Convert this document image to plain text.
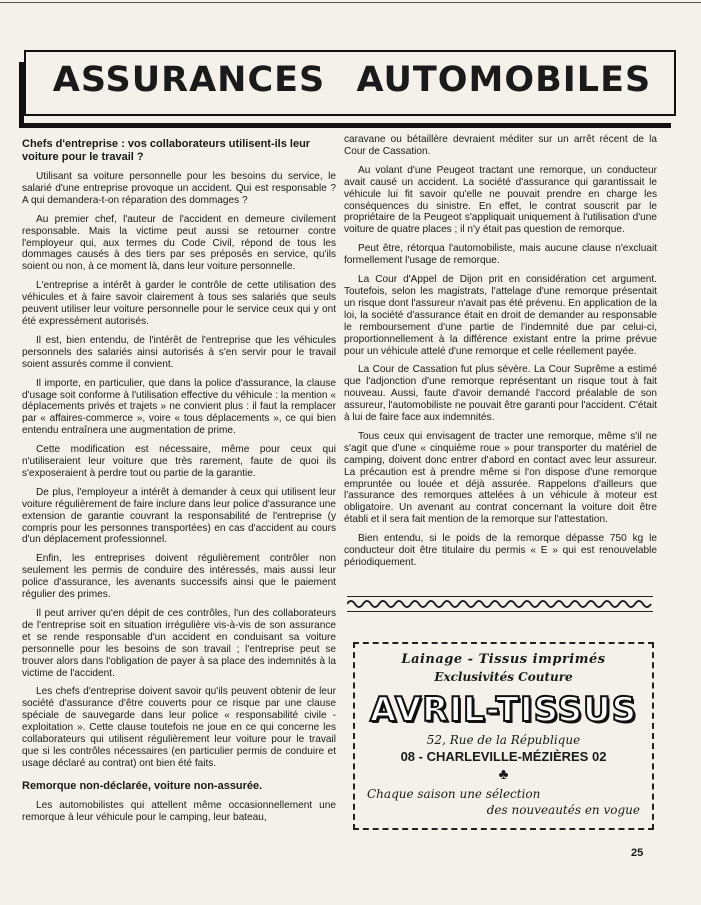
ASSURANCES AUTOMOBILES
Chefs d'entreprise : vos collaborateurs utilisent-ils leur voiture pour le travail ?

Utilisant sa voiture personnelle pour les besoins du service, le salarié d'une entreprise provoque un accident. Qui est responsable ? A qui demandera-t-on réparation des dommages ?

Au premier chef, l'auteur de l'accident en demeure civilement responsable. Mais la victime peut aussi se retourner contre l'employeur qui, aux termes du Code Civil, répond de tous les dommages causés à des tiers par ses préposés en service, qu'ils soient ou non, à ce moment là, dans leur voiture personnelle.

L'entreprise a intérêt à garder le contrôle de cette utilisation des véhicules et à faire savoir clairement à tous ses salariés que seuls peuvent utiliser leur voiture personnelle pour le service ceux qui y ont été expressément autorisés.

Il est, bien entendu, de l'intérêt de l'entreprise que les véhicules personnels des salariés ainsi autorisés à s'en servir pour le travail soient assurés comme il convient.

Il importe, en particulier, que dans la police d'assurance, la clause d'usage soit conforme à l'utilisation effective du véhicule : la mention « déplacements privés et trajets » ne convient plus : il faut la remplacer par « affaires-commerce », voire « tous déplacements », ce qui bien entendu entraînera une augmentation de prime.

Cette modification est nécessaire, même pour ceux qui n'utiliseraient leur voiture que très rarement, faute de quoi ils s'exposeraient à perdre tout ou partie de la garantie.

De plus, l'employeur a intérêt à demander à ceux qui utilisent leur voiture régulièrement de faire inclure dans leur police d'assurance une extension de garantie couvrant la responsabilité de l'entreprise (y compris pour les personnes transportées) en cas d'accident au cours d'un déplacement professionnel.

Enfin, les entreprises doivent régulièrement contrôler non seulement les permis de conduire des intéressés, mais aussi leur police d'assurance, les avenants successifs ainsi que le paiement régulier des primes.

Il peut arriver qu'en dépit de ces contrôles, l'un des collaborateurs de l'entreprise soit en situation irrégulière vis-à-vis de son assurance et se rende responsable d'un accident en conduisant sa voiture personnelle pour les besoins de son travail ; l'entreprise peut se trouver alors dans l'obligation de payer à sa place des indemnités à la victime de l'accident.

Les chefs d'entreprise doivent savoir qu'ils peuvent obtenir de leur société d'assurance d'être couverts pour ce risque par une clause spéciale de sauvegarde dans leur police « responsabilité civile - exploitation ». Cette clause toutefois ne joue en ce qui concerne les collaborateurs qui utilisent régulièrement leur voiture pour le travail que si les contrôles nécessaires (en particulier permis de conduire et usage déclaré au contrat) ont bien été faits.

Remorque non-déclarée, voiture non-assurée.

Les automobilistes qui attellent même occasionnellement une remorque à leur véhicule pour le camping, leur bateau,

caravane ou bétaillère devraient méditer sur un arrêt récent de la Cour de Cassation.

Au volant d'une Peugeot tractant une remorque, un conducteur avait causé un accident. La société d'assurance qui garantissait le véhicule lui fit savoir qu'elle ne pouvait prendre en charge les conséquences du sinistre. En effet, le contrat souscrit par le propriétaire de la Peugeot s'appliquait uniquement à l'utilisation d'une voiture de quatre places ; il n'y était pas question de remorque.

Peut être, rétorqua l'automobiliste, mais aucune clause n'excluait formellement l'usage de remorque.

La Cour d'Appel de Dijon prit en considération cet argument. Toutefois, selon les magistrats, l'attelage d'une remorque présentait un risque dont l'assureur n'avait pas été prévenu. En application de la loi, la société d'assurance était en droit de demander au responsable le remboursement d'une partie de l'indemnité due par celui-ci, proportionnellement à la différence existant entre la prime prévue pour un véhicule attelé d'une remorque et celle réellement payée.

La Cour de Cassation fut plus sévère. La Cour Suprême a estimé que l'adjonction d'une remorque représentant un risque tout à fait nouveau. Aussi, faute d'avoir demandé l'accord préalable de son assureur, l'automobiliste ne pouvait être garanti pour l'accident. C'était à lui de faire face aux indemnités.

Tous ceux qui envisagent de tracter une remorque, même s'il ne s'agit que d'une « cinquième roue » pour transporter du matériel de camping, doivent donc entrer d'abord en contact avec leur assureur. La précaution est à prendre même si l'on dispose d'une remorque empruntée ou louée et déjà assurée. Rappelons d'ailleurs que l'assurance des remorques attelées à un véhicule à moteur est obligatoire. Un avenant au contrat concernant la voiture doit être établi et il sera fait mention de la remorque sur l'attestation.

Bien entendu, si le poids de la remorque dépasse 750 kg le conducteur doit être titulaire du permis « E » qui est renouvelable périodiquement.

Lainage - Tissus imprimés
Exclusivités Couture
AVRIL-TISSUS
52, Rue de la République
08 - CHARLEVILLE-MÉZIÈRES 02
♣
Chaque saison une sélection
des nouveautés en vogue
25
